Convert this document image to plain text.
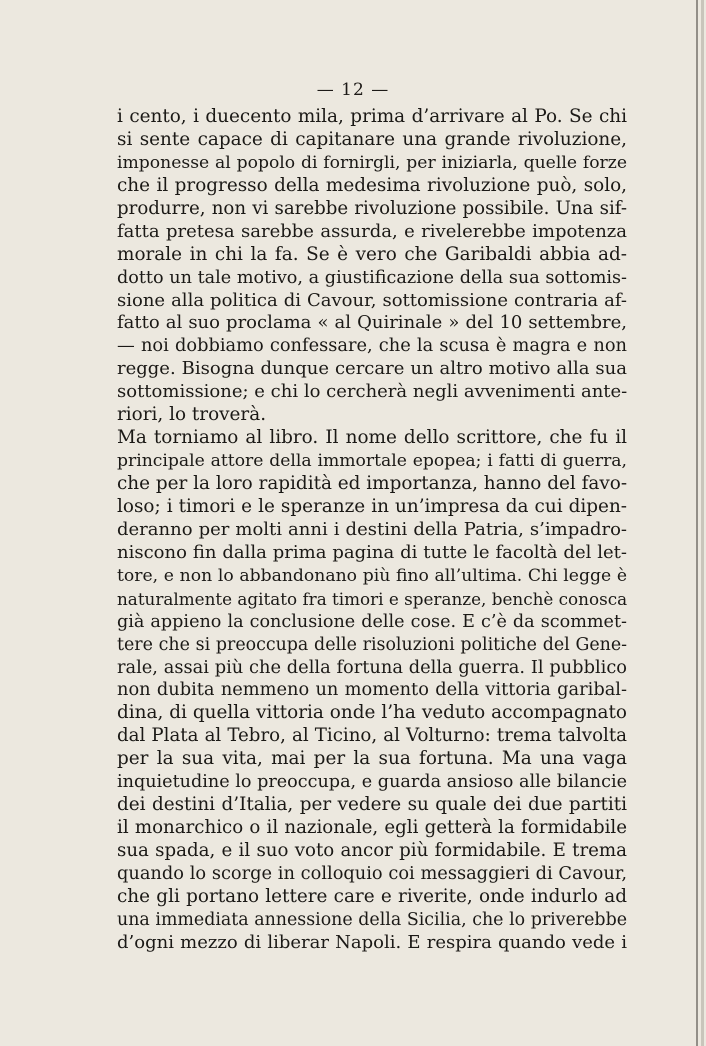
— 12 —
i cento, i duecento mila, prima d’arrivare al Po. Se chi
si sente capace di capitanare una grande rivoluzione,
imponesse al popolo di fornirgli, per iniziarla, quelle forze
che il progresso della medesima rivoluzione può, solo,
produrre, non vi sarebbe rivoluzione possibile. Una sif-
fatta pretesa sarebbe assurda, e rivelerebbe impotenza
morale in chi la fa. Se è vero che Garibaldi abbia ad-
dotto un tale motivo, a giustificazione della sua sottomis-
sione alla politica di Cavour, sottomissione contraria af-
fatto al suo proclama « al Quirinale » del 10 settembre,
— noi dobbiamo confessare, che la scusa è magra e non
regge. Bisogna dunque cercare un altro motivo alla sua
sottomissione; e chi lo cercherà negli avvenimenti ante-
riori, lo troverà.
Ma torniamo al libro. Il nome dello scrittore, che fu il
principale attore della immortale epopea; i fatti di guerra,
che per la loro rapidità ed importanza, hanno del favo-
loso; i timori e le speranze in un’impresa da cui dipen-
deranno per molti anni i destini della Patria, s’impadro-
niscono fin dalla prima pagina di tutte le facoltà del let-
tore, e non lo abbandonano più fino all’ultima. Chi legge è
naturalmente agitato fra timori e speranze, benchè conosca
già appieno la conclusione delle cose. E c’è da scommet-
tere che si preoccupa delle risoluzioni politiche del Gene-
rale, assai più che della fortuna della guerra. Il pubblico
non dubita nemmeno un momento della vittoria garibal-
dina, di quella vittoria onde l’ha veduto accompagnato
dal Plata al Tebro, al Ticino, al Volturno: trema talvolta
per la sua vita, mai per la sua fortuna. Ma una vaga
inquietudine lo preoccupa, e guarda ansioso alle bilancie
dei destini d’Italia, per vedere su quale dei due partiti
il monarchico o il nazionale, egli getterà la formidabile
sua spada, e il suo voto ancor più formidabile. E trema
quando lo scorge in colloquio coi messaggieri di Cavour,
che gli portano lettere care e riverite, onde indurlo ad
una immediata annessione della Sicilia, che lo priverebbe
d’ogni mezzo di liberar Napoli. E respira quando vede i
